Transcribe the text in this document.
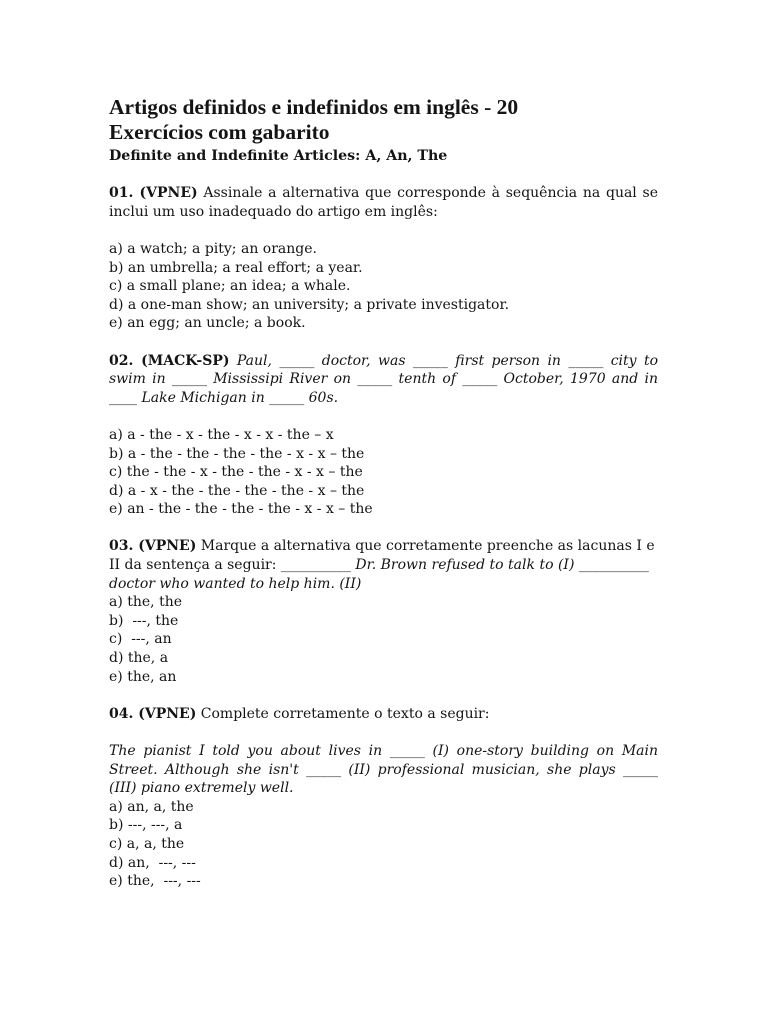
Artigos definidos e indefinidos em inglês - 20
Exercícios com gabarito

Definite and Indefinite Articles: A, An, The

01. (VPNE) Assinale a alternativa que corresponde à sequência na qual se inclui um uso inadequado do artigo em inglês:

a) a watch; a pity; an orange.

b) an umbrella; a real effort; a year.

c) a small plane; an idea; a whale.

d) a one-man show; an university; a private investigator.

e) an egg; an uncle; a book.

02. (MACK-SP) Paul, _____ doctor, was _____ first person in _____ city to swim in _____ Mississipi River on _____ tenth of _____ October, 1970 and in ____ Lake Michigan in _____ 60s.

a) a - the - x - the - x - x - the – x

b) a - the - the - the - the - x - x – the

c) the - the - x - the - the - x - x – the

d) a - x - the - the - the - the - x – the

e) an - the - the - the - the - x - x – the

03. (VPNE) Marque a alternativa que corretamente preenche as lacunas I e II da sentença a seguir: __________ Dr. Brown refused to talk to (I) __________ doctor who wanted to help him. (II)

a) the, the

b)  ---, the

c)  ---, an

d) the, a

e) the, an

04. (VPNE) Complete corretamente o texto a seguir:

The pianist I told you about lives in _____ (I) one-story building on Main Street. Although she isn't _____ (II) professional musician, she plays _____ (III) piano extremely well.

a) an, a, the

b) ---, ---, a

c) a, a, the

d) an,  ---, ---

e) the,  ---, ---
